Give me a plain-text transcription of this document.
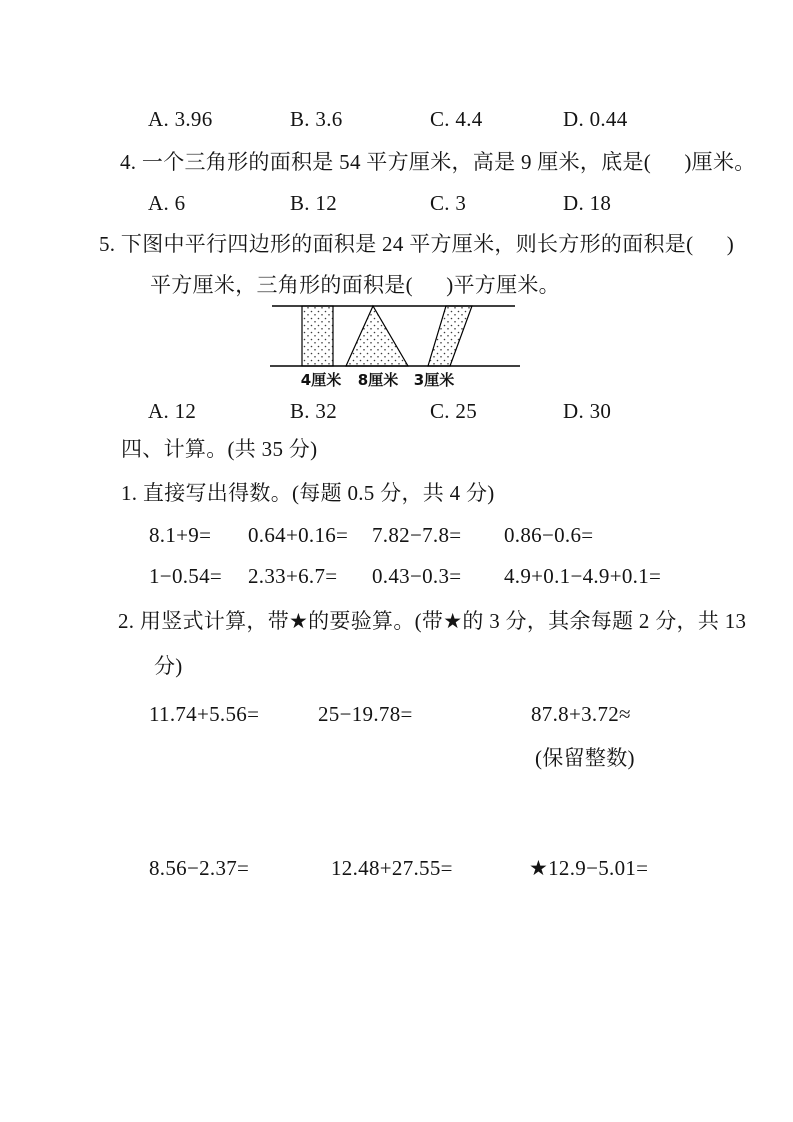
A. 3.96	B. 3.6	C. 4.4	D. 0.44
4. 一个三角形的面积是 54 平方厘米，高是 9 厘米，底是(      )厘米。
A. 6	B. 12	C. 3	D. 18
5. 下图中平行四边形的面积是 24 平方厘米，则长方形的面积是(      )
平方厘米，三角形的面积是(      )平方厘米。
4厘米 8厘米 3厘米
A. 12	B. 32	C. 25	D. 30
四、计算。(共 35 分)
1. 直接写出得数。(每题 0.5 分，共 4 分)
8.1+9= 0.64+0.16= 7.82−7.8= 0.86−0.6=
1−0.54= 2.33+6.7= 0.43−0.3= 4.9+0.1−4.9+0.1=
2. 用竖式计算，带★的要验算。(带★的 3 分，其余每题 2 分，共 13
分)
11.74+5.56=	25−19.78=	87.8+3.72≈
(保留整数)
8.56−2.37=	12.48+27.55=	★12.9−5.01=
